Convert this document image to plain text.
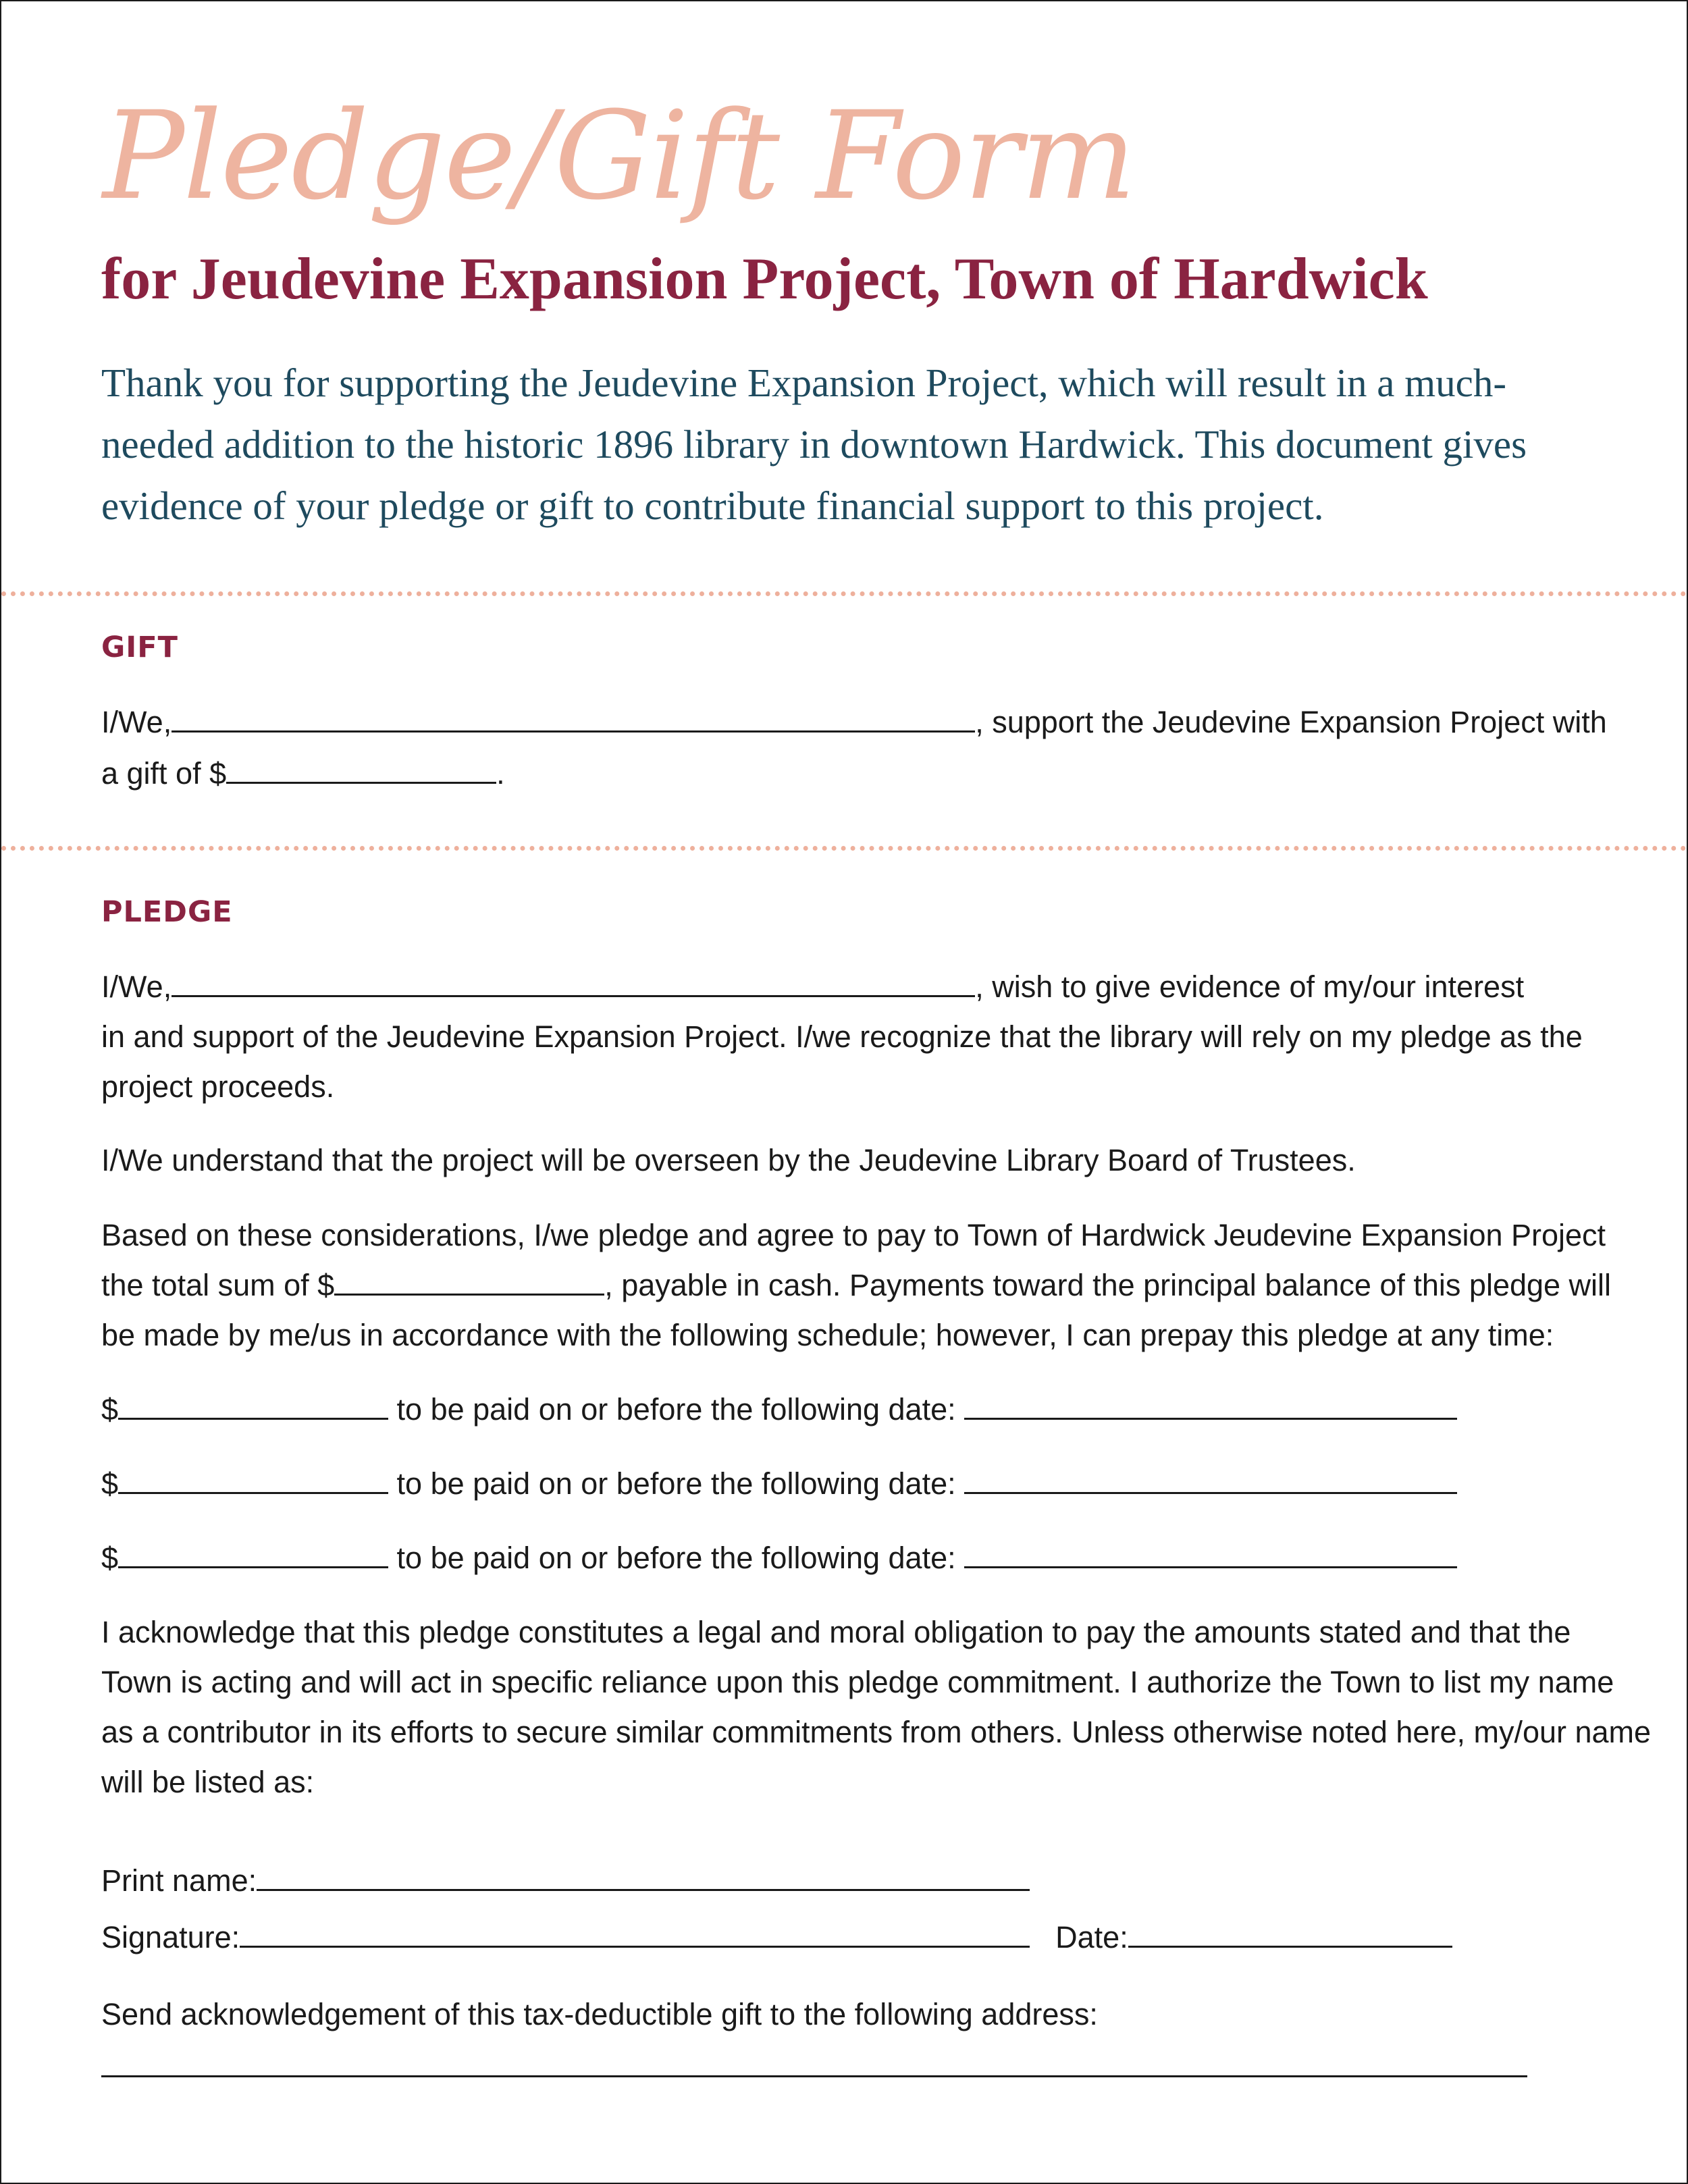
Pledge/Gift Form
for Jeudevine Expansion Project, Town of Hardwick
Thank you for supporting the Jeudevine Expansion Project, which will result in a much-
needed addition to the historic 1896 library in downtown Hardwick. This document gives
evidence of your pledge or gift to contribute financial support to this project.
GIFT
I/We,	, support the Jeudevine Expansion Project with
a gift of $	.
PLEDGE
I/We,	, wish to give evidence of my/our interest
in and support of the Jeudevine Expansion Project. I/we recognize that the library will rely on my pledge as the
project proceeds.
I/We understand that the project will be overseen by the Jeudevine Library Board of Trustees.
Based on these considerations, I/we pledge and agree to pay to Town of Hardwick Jeudevine Expansion Project
the total sum of $	, payable in cash. Payments toward the principal balance of this pledge will
be made by me/us in accordance with the following schedule; however, I can prepay this pledge at any time:
$	to be paid on or before the following date:
$	to be paid on or before the following date:
$	to be paid on or before the following date:
I acknowledge that this pledge constitutes a legal and moral obligation to pay the amounts stated and that the
Town is acting and will act in specific reliance upon this pledge commitment. I authorize the Town to list my name
as a contributor in its efforts to secure similar commitments from others. Unless otherwise noted here, my/our name
will be listed as:
Print name:
Signature:	Date:
Send acknowledgement of this tax-deductible gift to the following address:
